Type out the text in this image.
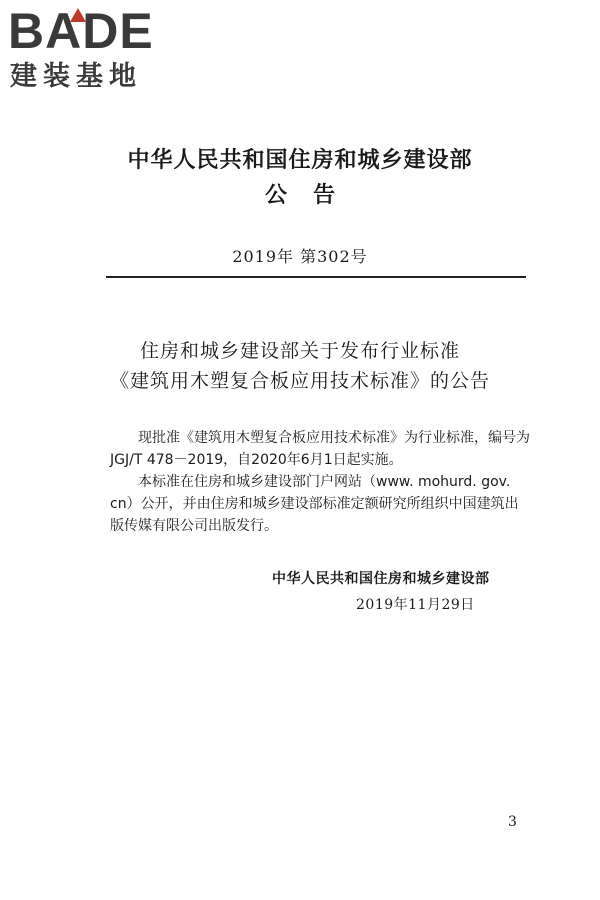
BADE
建装基地
中华人民共和国住房和城乡建设部
公告
2019年 第302号
住房和城乡建设部关于发布行业标准
《建筑用木塑复合板应用技术标准》的公告
现批准《建筑用木塑复合板应用技术标准》为行业标准，编号为JGJ/T 478－2019，自2020年6月1日起实施。
本标准在住房和城乡建设部门户网站（www. mohurd. gov. cn）公开，并由住房和城乡建设部标准定额研究所组织中国建筑出版传媒有限公司出版发行。
中华人民共和国住房和城乡建设部
2019年11月29日
3
